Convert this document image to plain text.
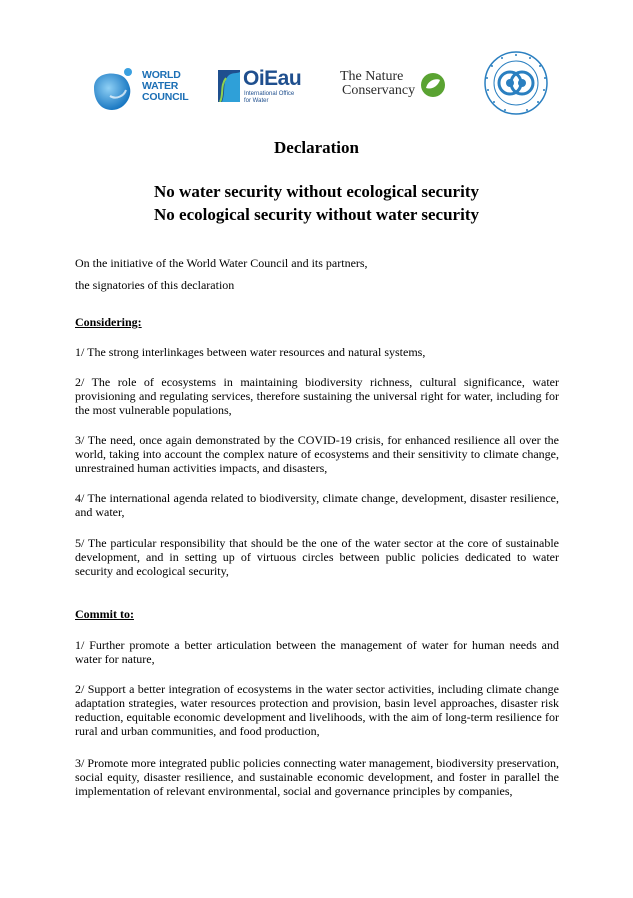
WORLD
WATER
COUNCIL
OiEau
International Office
for Water
The Nature
Conservancy
Declaration
No water security without ecological security
No ecological security without water security
On the initiative of the World Water Council and its partners,
the signatories of this declaration
Considering:
1/ The strong interlinkages between water resources and natural systems,
2/ The role of ecosystems in maintaining biodiversity richness, cultural significance, water provisioning and regulating services, therefore sustaining the universal right for water, including for the most vulnerable populations,
3/ The need, once again demonstrated by the COVID-19 crisis, for enhanced resilience all over the world, taking into account the complex nature of ecosystems and their sensitivity to climate change, unrestrained human activities impacts, and disasters,
4/ The international agenda related to biodiversity, climate change, development, disaster resilience, and water,
5/ The particular responsibility that should be the one of the water sector at the core of sustainable development, and in setting up of virtuous circles between public policies dedicated to water security and ecological security,
Commit to:
1/ Further promote a better articulation between the management of water for human needs and water for nature,
2/ Support a better integration of ecosystems in the water sector activities, including climate change adaptation strategies, water resources protection and provision, basin level approaches, disaster risk reduction, equitable economic development and livelihoods, with the aim of long-term resilience for rural and urban communities, and food production,
3/ Promote more integrated public policies connecting water management, biodiversity preservation, social equity, disaster resilience, and sustainable economic development, and foster in parallel the implementation of relevant environmental, social and governance principles by companies,
